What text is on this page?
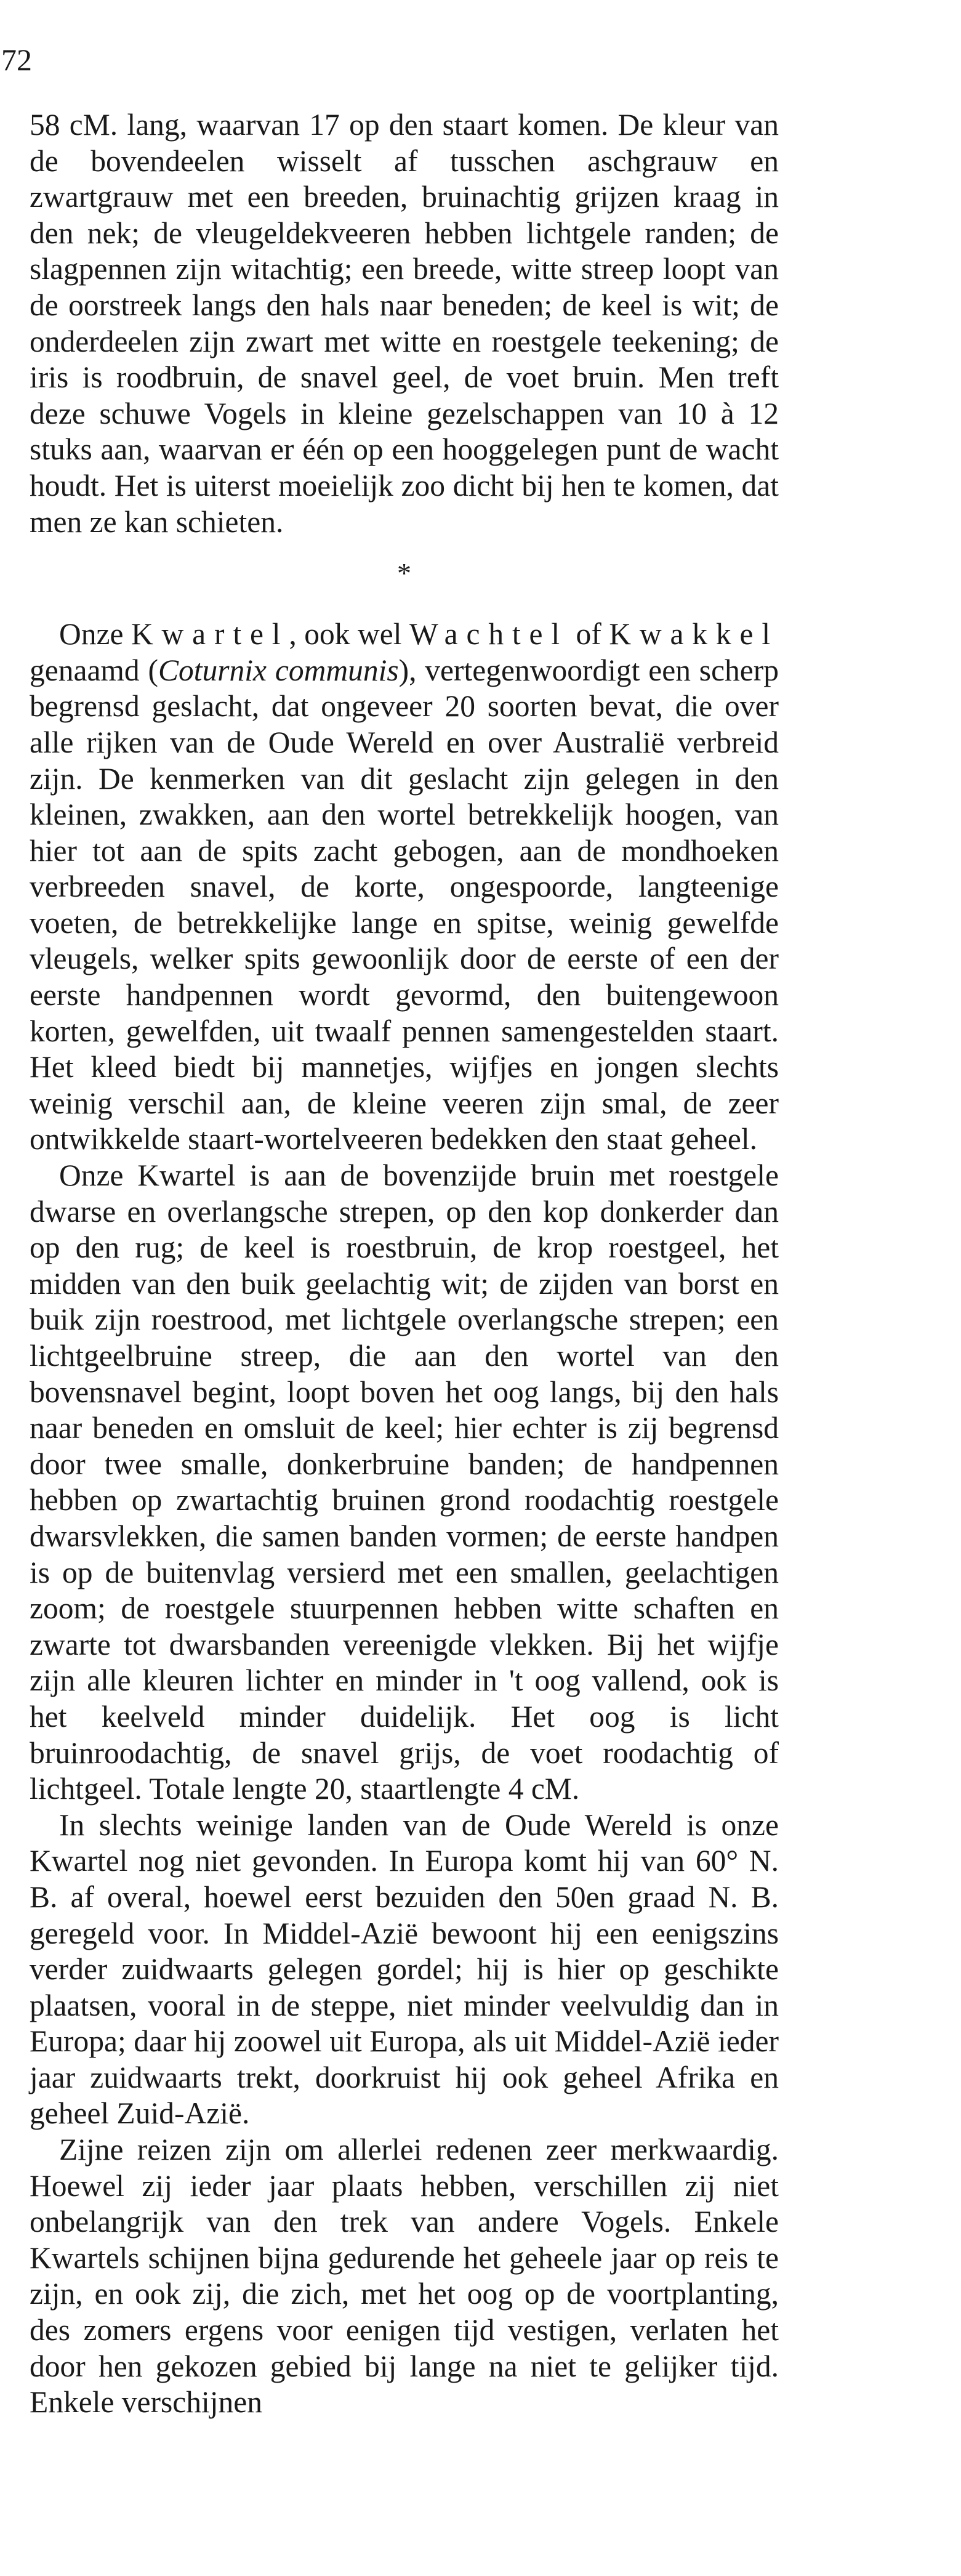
72

58 cM. lang, waarvan 17 op den staart komen. De kleur van de bovendeelen wisselt af tusschen aschgrauw en zwartgrauw met een breeden, bruinachtig grijzen kraag in den nek; de vleugeldekveeren hebben lichtgele randen; de slagpennen zijn witachtig; een breede, witte streep loopt van de oorstreek langs den hals naar beneden; de keel is wit; de onderdeelen zijn zwart met witte en roestgele teekening; de iris is roodbruin, de snavel geel, de voet bruin. Men treft deze schuwe Vogels in kleine gezelschappen van 10 à 12 stuks aan, waarvan er één op een hooggelegen punt de wacht houdt. Het is uiterst moeielijk zoo dicht bij hen te komen, dat men ze kan schieten.

*

Onze Kwartel, ook wel Wachtel of Kwakkel genaamd (Coturnix communis), vertegenwoordigt een scherp begrensd geslacht, dat ongeveer 20 soorten bevat, die over alle rijken van de Oude Wereld en over Australië verbreid zijn. De kenmerken van dit geslacht zijn gelegen in den kleinen, zwakken, aan den wortel betrekkelijk hoogen, van hier tot aan de spits zacht gebogen, aan de mondhoeken verbreeden snavel, de korte, ongespoorde, langteenige voeten, de betrekkelijke lange en spitse, weinig gewelfde vleugels, welker spits gewoonlijk door de eerste of een der eerste handpennen wordt gevormd, den buitengewoon korten, gewelfden, uit twaalf pennen samengestelden staart. Het kleed biedt bij mannetjes, wijfjes en jongen slechts weinig verschil aan, de kleine veeren zijn smal, de zeer ontwikkelde staart-wortelveeren bedekken den staat geheel.

Onze Kwartel is aan de bovenzijde bruin met roestgele dwarse en overlangsche strepen, op den kop donkerder dan op den rug; de keel is roestbruin, de krop roestgeel, het midden van den buik geelachtig wit; de zijden van borst en buik zijn roestrood, met lichtgele overlangsche strepen; een lichtgeelbruine streep, die aan den wortel van den bovensnavel begint, loopt boven het oog langs, bij den hals naar beneden en omsluit de keel; hier echter is zij begrensd door twee smalle, donkerbruine banden; de handpennen hebben op zwartachtig bruinen grond roodachtig roestgele dwarsvlekken, die samen banden vormen; de eerste handpen is op de buitenvlag versierd met een smallen, geelachtigen zoom; de roestgele stuurpennen hebben witte schaften en zwarte tot dwarsbanden vereenigde vlekken. Bij het wijfje zijn alle kleuren lichter en minder in 't oog vallend, ook is het keelveld minder duidelijk. Het oog is licht bruinroodachtig, de snavel grijs, de voet roodachtig of lichtgeel. Totale lengte 20, staartlengte 4 cM.

In slechts weinige landen van de Oude Wereld is onze Kwartel nog niet gevonden. In Europa komt hij van 60° N. B. af overal, hoewel eerst bezuiden den 50en graad N. B. geregeld voor. In Middel-Azië bewoont hij een eenigszins verder zuidwaarts gelegen gordel; hij is hier op geschikte plaatsen, vooral in de steppe, niet minder veelvuldig dan in Europa; daar hij zoowel uit Europa, als uit Middel-Azië ieder jaar zuidwaarts trekt, doorkruist hij ook geheel Afrika en geheel Zuid-Azië.

Zijne reizen zijn om allerlei redenen zeer merkwaardig. Hoewel zij ieder jaar plaats hebben, verschillen zij niet onbelangrijk van den trek van andere Vogels. Enkele Kwartels schijnen bijna gedurende het geheele jaar op reis te zijn, en ook zij, die zich, met het oog op de voortplanting, des zomers ergens voor eenigen tijd vestigen, verlaten het door hen gekozen gebied bij lange na niet te gelijker tijd. Enkele verschijnen
